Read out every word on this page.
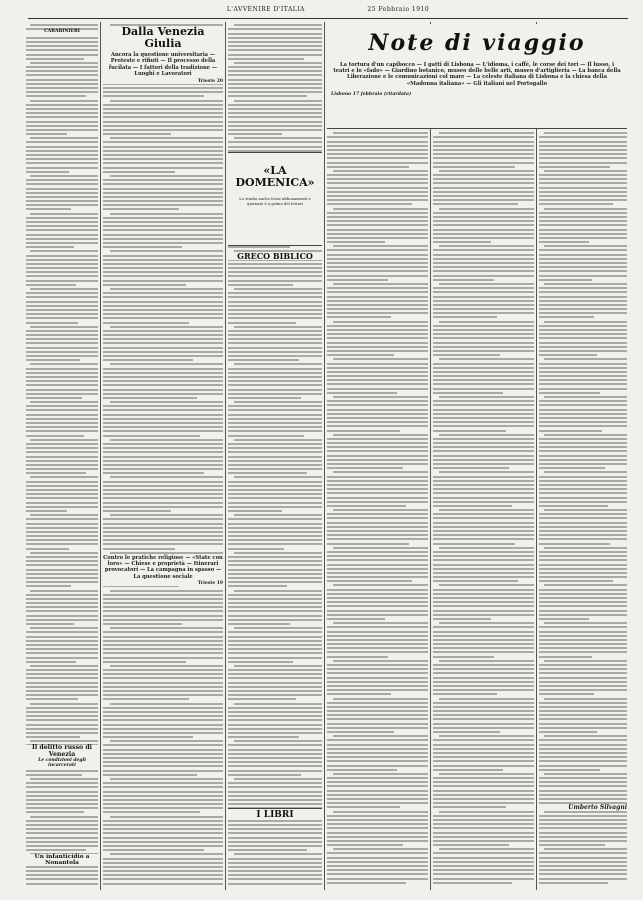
L'AVVENIRE D'ITALIA	25 Febbraio 1910
CARABINIERI
Il delitto russo di Venezia
Le condizioni degli incarcerati
Un infanticidio a Nonantola
Dalla Venezia Giulia
Ancora la questione universitaria — Proteste e rifiuti — Il processo della fucilata — I fattori della tradizione — Luoghi e Lavoratori
Trieste 20
Contro le pratiche religiose — «State con loro» — Chiese e proprietà — Itinerari provocatori — La campagna in spasso — La questione sociale
Trieste 19
«LA DOMENICA»
Lo studio anche fosse abbonamenti e giornate è a primo dei lettori
GRECO BIBLICO
I LIBRI
Note di viaggio
La tortura d'un capibocco — I gatti di Lisbona — L'idioma, i caffè, le corse dei tori — Il lusso, i teatri e lo «fado» — Giardino botanico, museo delle belle arti, museo d'artiglieria — La banca della Liberazione e le comunicazioni col mare — La celeste italiana di Lisbona e la chiesa della «Madonna italiana» — Gli italiani nel Portogallo
Lisbona 17 febbraio (ritardata)
Umberto Silvagni
